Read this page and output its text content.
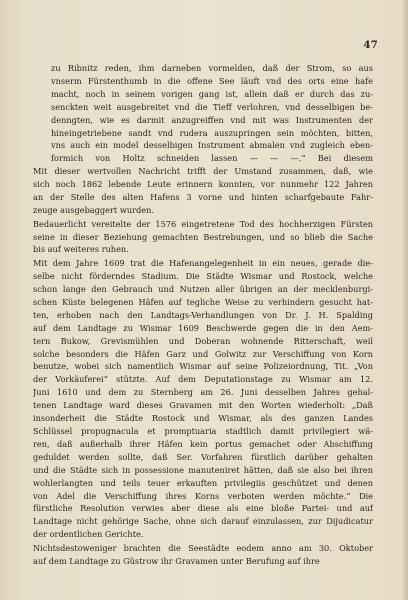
47
zu Ribnitz reden, ihm darneben vormelden, daß der Strom, so aus
vnserm Fürstenthumb in die offene See läuft vnd des orts eine hafe
macht, noch in seinem vorigen gang ist, allein daß er durch das zu-
senckten weit ausgebreitet vnd die Tieff verlohren, vnd desselbigen be-
denngten, wie es darmit anzugreiffen vnd mit was Instrumenten der
hineingetriebene sandt vnd rudera auszupringen sein möchten, bitten,
vns auch ein model desselbigen Instrument abmalen vnd zugleich eben-
formich von Holtz schneiden lassen — — —.“ Bei diesem
Mit dieser wertvollen Nachricht trifft der Umstand zusammen, daß, wie
sich noch 1862 lebende Leute erinnern konnten, vor nunmehr 122 Jahren
an der Stelle des alten Hafens 3 vorne und hinten scharfgebaute Fahr-
zeuge ausgebaggert wurden.
Bedauerlicht vereitelte der 1576 eingetretene Tod des hochherzigen Fürsten
seine in dieser Beziehung gemachten Bestrebungen, und so blieb die Sache
bis auf weiteres ruhen.
Mit dem Jahre 1609 trat die Hafenangelegenheit in ein neues, gerade die-
selbe nicht förderndes Stadium. Die Städte Wismar und Rostock, welche
schon lange den Gebrauch und Nutzen aller übrigen an der mecklenburgi-
schen Küste belegenen Häfen auf tegliche Weise zu verhindern gesucht hat-
ten, erhoben nach den Landtags-Verhandlungen von Dr. J. H. Spalding
auf dem Landtage zu Wismar 1609 Beschwerde gegen die in den Aem-
tern Bukow, Grevismühlen und Doberan wohnende Ritterschaft, weil
solche besonders die Häfen Garz und Golwitz zur Verschiffung von Korn
benutze, wobei sich namentlich Wismar auf seine Polizeiordnung, Tit. „Von
der Vorkäuferei“ stützte. Auf dem Deputationstage zu Wismar am 12.
Juni 1610 und dem zu Sternberg am 26. Juni desselben Jahres gehal-
tenen Landtage ward dieses Gravamen mit den Worten wiederholt: „Daß
insonderheit die Städte Rostock und Wismar, als des ganzen Landes
Schlüssel propugnacula et promptuaria stadtlich damit privilegiert wä-
ren, daß außerhalb ihrer Häfen kein portus gemachet oder Abschiffung
geduldet werden sollte, daß Ser. Vorfahren fürstlich darüber gehalten
und die Städte sich in possessione manuteniret hätten, daß sie also bei ihren
wohlerlangten und teils teuer erkauften privilegiis geschützet und denen
von Adel die Verschiffung ihres Korns verboten werden möchte.“ Die
fürstliche Resolution verwies aber diese als eine bloße Partei- und auf
Landtage nicht gehörige Sache, ohne sich darauf einzulassen, zur Dijudicatur
der ordentlichen Gerichte.
Nichtsdestoweniger brachten die Seestädte eodem anno am 30. Oktober
auf dem Landtage zu Güstrow ihr Gravamen unter Berufung auf ihre
